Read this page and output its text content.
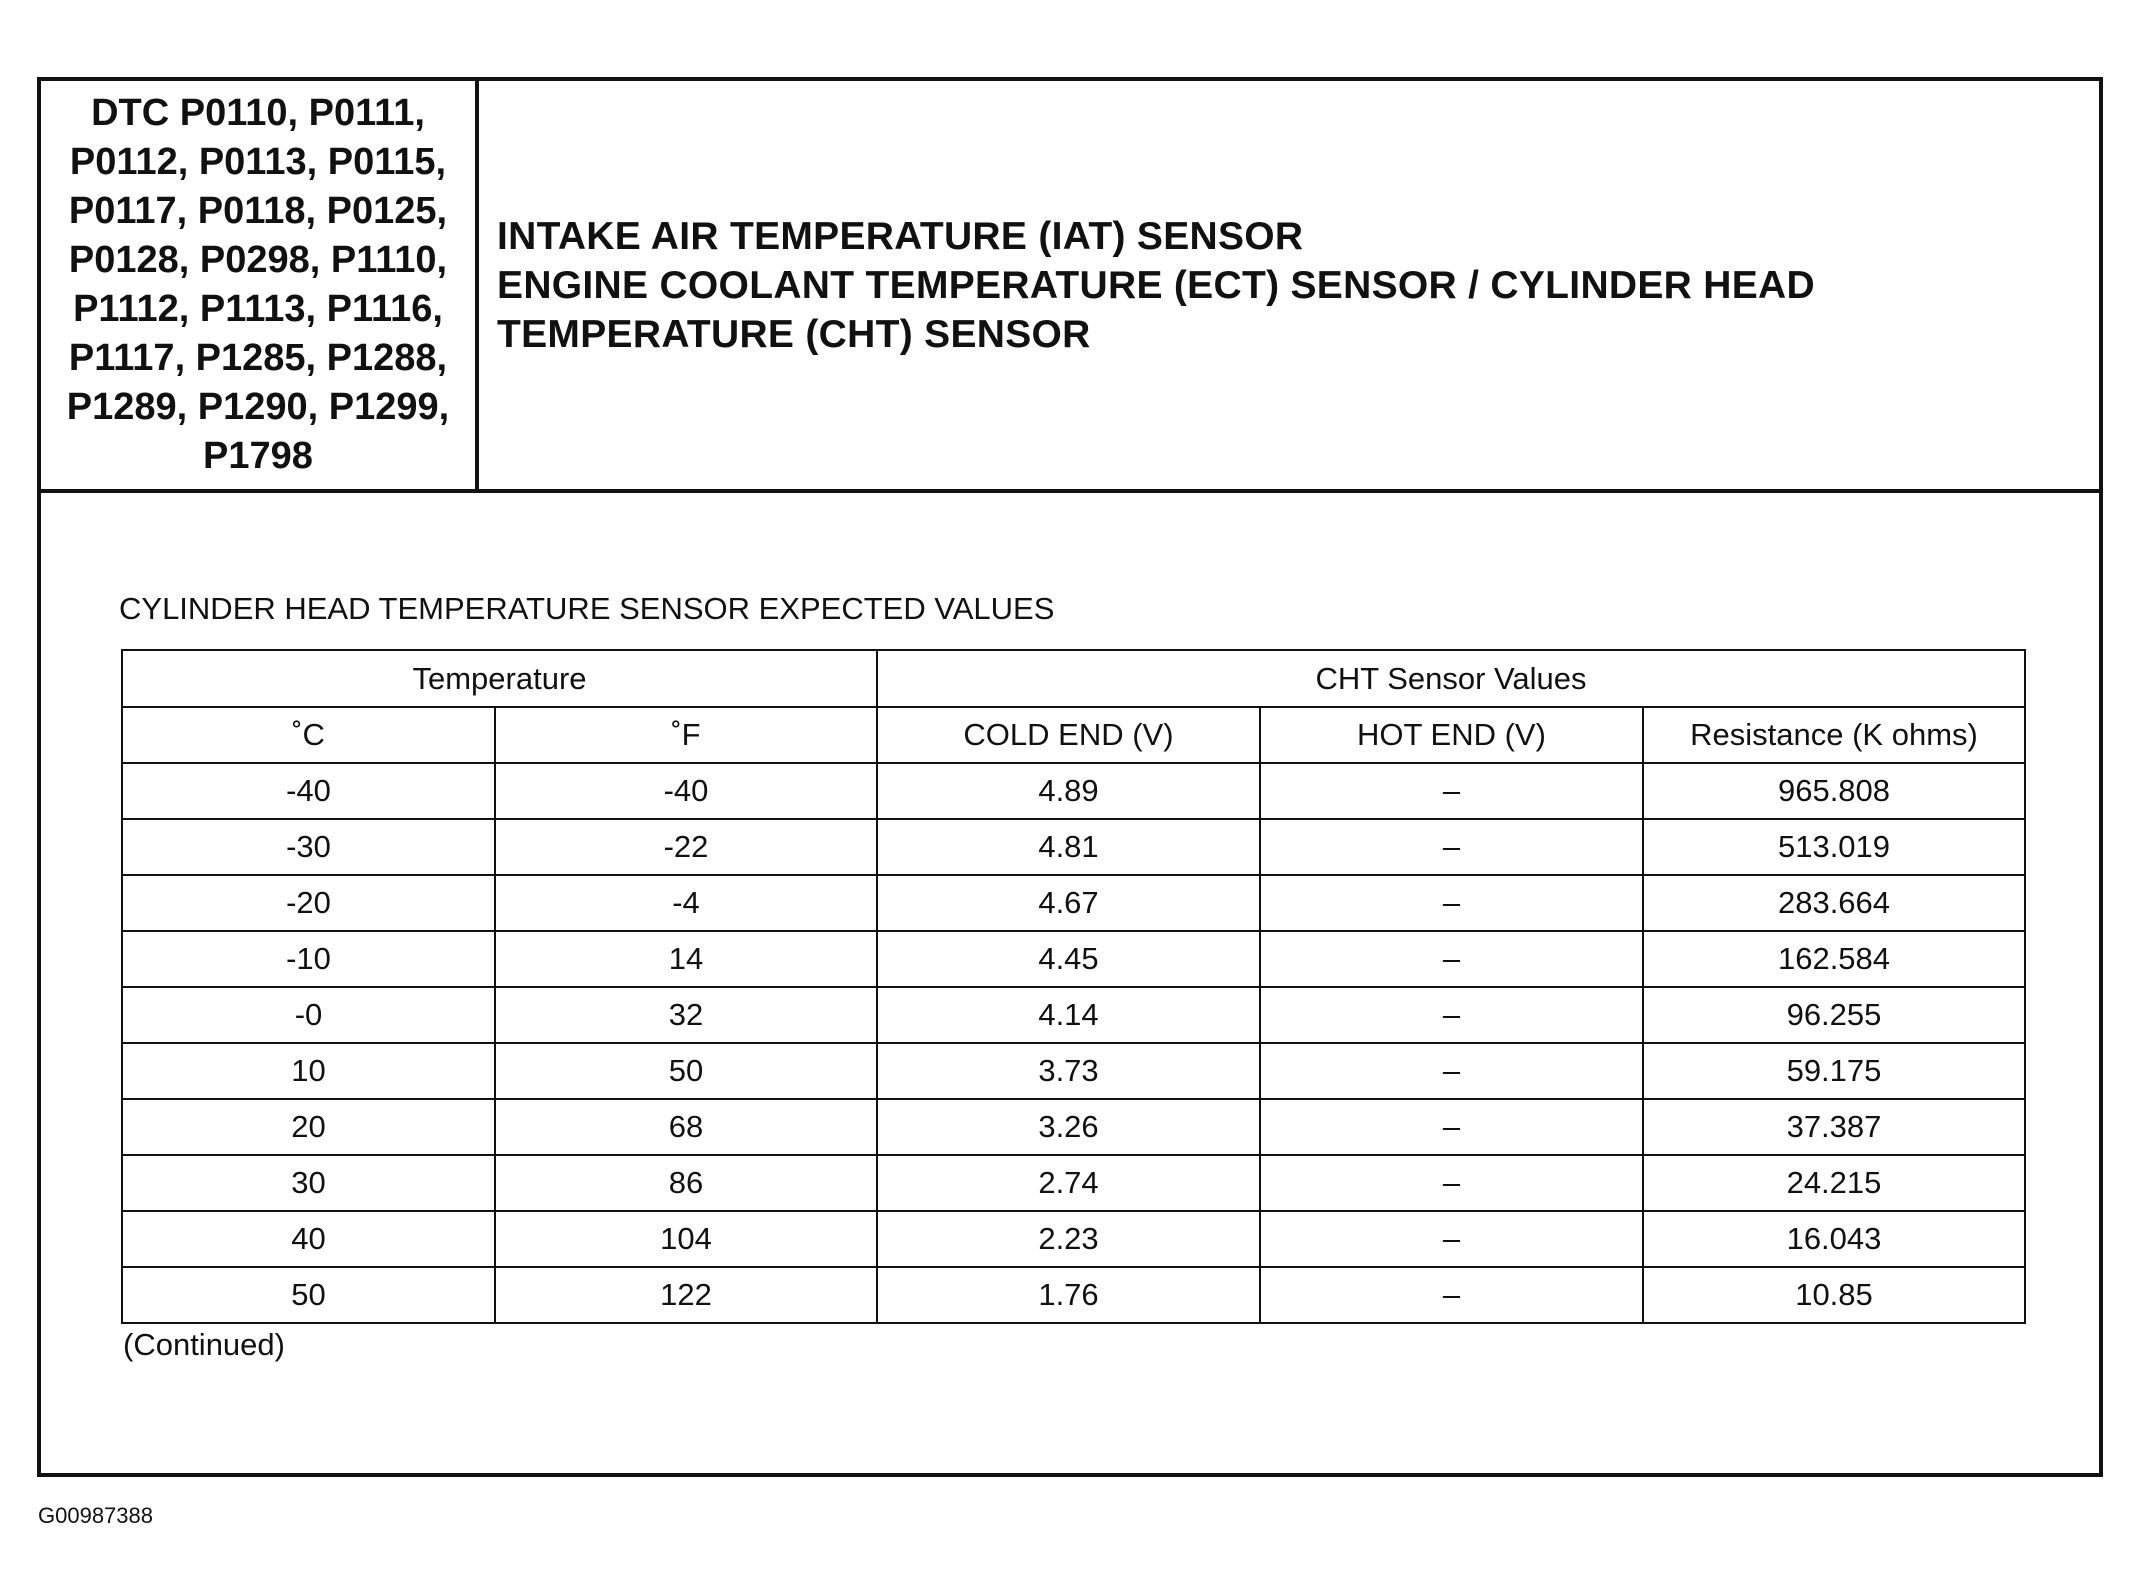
DTC P0110, P0111,
P0112, P0113, P0115,
P0117, P0118, P0125,
P0128, P0298, P1110,
P1112, P1113, P1116,
P1117, P1285, P1288,
P1289, P1290, P1299,
P1798
INTAKE AIR TEMPERATURE (IAT) SENSOR
ENGINE COOLANT TEMPERATURE (ECT) SENSOR / CYLINDER HEAD
TEMPERATURE (CHT) SENSOR
CYLINDER HEAD TEMPERATURE SENSOR EXPECTED VALUES
Temperature		CHT Sensor Values		
˚C	˚F	COLD END (V)	HOT END (V)	Resistance (K ohms)
-40	-40	4.89	–	965.808
-30	-22	4.81	–	513.019
-20	-4	4.67	–	283.664
-10	14	4.45	–	162.584
-0	32	4.14	–	96.255
10	50	3.73	–	59.175
20	68	3.26	–	37.387
30	86	2.74	–	24.215
40	104	2.23	–	16.043
50	122	1.76	–	10.85
(Continued)
G00987388
